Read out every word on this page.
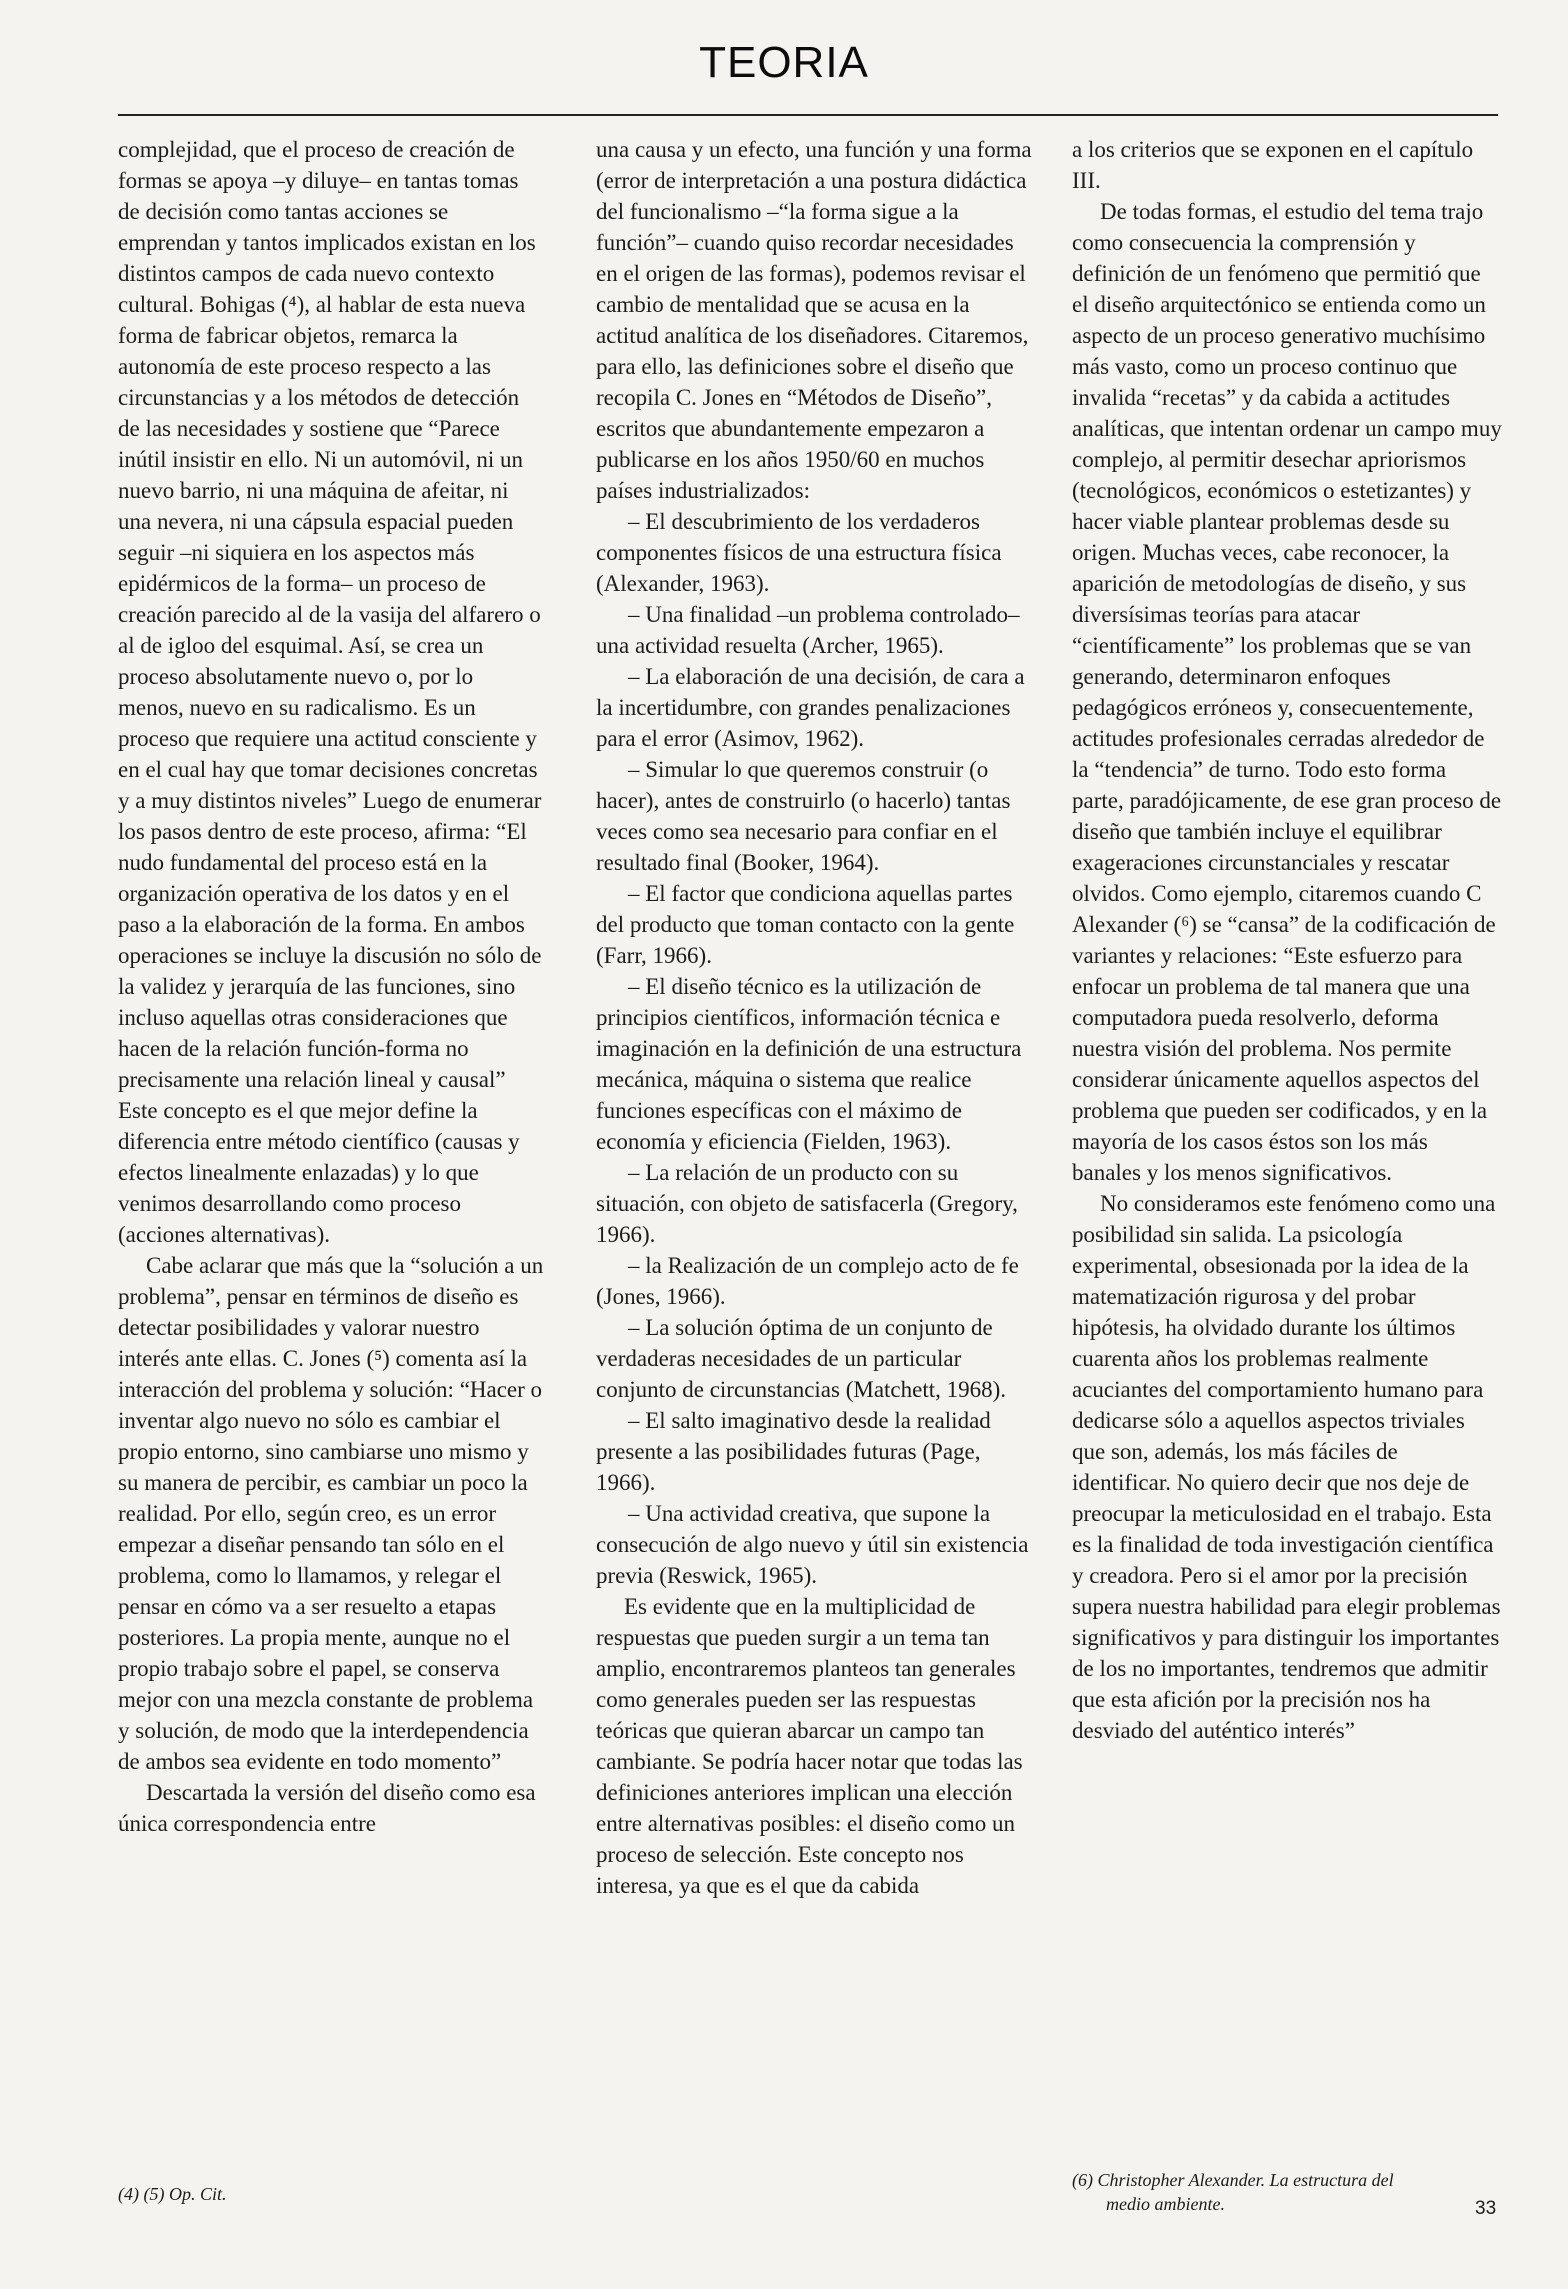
TEORIA

complejidad, que el proceso de creación de formas se apoya –y diluye– en tantas tomas de decisión como tantas acciones se emprendan y tantos implicados existan en los distintos campos de cada nuevo contexto cultural. Bohigas (⁴), al hablar de esta nueva forma de fabricar objetos, remarca la autonomía de este proceso respecto a las circunstancias y a los métodos de detección de las necesidades y sostiene que “Parece inútil insistir en ello. Ni un automóvil, ni un nuevo barrio, ni una máquina de afeitar, ni una nevera, ni una cápsula espacial pueden seguir –ni siquiera en los aspectos más epidérmicos de la forma– un proceso de creación parecido al de la vasija del alfarero o al de igloo del esquimal. Así, se crea un proceso absolutamente nuevo o, por lo menos, nuevo en su radicalismo. Es un proceso que requiere una actitud consciente y en el cual hay que tomar decisiones concretas y a muy distintos niveles” Luego de enumerar los pasos dentro de este proceso, afirma: “El nudo fundamental del proceso está en la organización operativa de los datos y en el paso a la elaboración de la forma. En ambos operaciones se incluye la discusión no sólo de la validez y jerarquía de las funciones, sino incluso aquellas otras consideraciones que hacen de la relación función-forma no precisamente una relación lineal y causal” Este concepto es el que mejor define la diferencia entre método científico (causas y efectos linealmente enlazadas) y lo que venimos desarrollando como proceso (acciones alternativas).

Cabe aclarar que más que la “solución a un problema”, pensar en términos de diseño es detectar posibilidades y valorar nuestro interés ante ellas. C. Jones (⁵) comenta así la interacción del problema y solución: “Hacer o inventar algo nuevo no sólo es cambiar el propio entorno, sino cambiarse uno mismo y su manera de percibir, es cambiar un poco la realidad. Por ello, según creo, es un error empezar a diseñar pensando tan sólo en el problema, como lo llamamos, y relegar el pensar en cómo va a ser resuelto a etapas posteriores. La propia mente, aunque no el propio trabajo sobre el papel, se conserva mejor con una mezcla constante de problema y solución, de modo que la interdependencia de ambos sea evidente en todo momento”

Descartada la versión del diseño como esa única correspondencia entre

una causa y un efecto, una función y una forma (error de interpretación a una postura didáctica del funcionalismo –“la forma sigue a la función”– cuando quiso recordar necesidades en el origen de las formas), podemos revisar el cambio de mentalidad que se acusa en la actitud analítica de los diseñadores. Citaremos, para ello, las definiciones sobre el diseño que recopila C. Jones en “Métodos de Diseño”, escritos que abundantemente empezaron a publicarse en los años 1950/60 en muchos países industrializados:

– El descubrimiento de los verdaderos componentes físicos de una estructura física (Alexander, 1963).

– Una finalidad –un problema controlado– una actividad resuelta (Archer, 1965).

– La elaboración de una decisión, de cara a la incertidumbre, con grandes penalizaciones para el error (Asimov, 1962).

– Simular lo que queremos construir (o hacer), antes de construirlo (o hacerlo) tantas veces como sea necesario para confiar en el resultado final (Booker, 1964).

– El factor que condiciona aquellas partes del producto que toman contacto con la gente (Farr, 1966).

– El diseño técnico es la utilización de principios científicos, información técnica e imaginación en la definición de una estructura mecánica, máquina o sistema que realice funciones específicas con el máximo de economía y eficiencia (Fielden, 1963).

– La relación de un producto con su situación, con objeto de satisfacerla (Gregory, 1966).

– la Realización de un complejo acto de fe (Jones, 1966).

– La solución óptima de un conjunto de verdaderas necesidades de un particular conjunto de circunstancias (Matchett, 1968).

– El salto imaginativo desde la realidad presente a las posibilidades futuras (Page, 1966).

– Una actividad creativa, que supone la consecución de algo nuevo y útil sin existencia previa (Reswick, 1965).

Es evidente que en la multiplicidad de respuestas que pueden surgir a un tema tan amplio, encontraremos planteos tan generales como generales pueden ser las respuestas teóricas que quieran abarcar un campo tan cambiante. Se podría hacer notar que todas las definiciones anteriores implican una elección entre alternativas posibles: el diseño como un proceso de selección. Este concepto nos interesa, ya que es el que da cabida

a los criterios que se exponen en el capítulo III.

De todas formas, el estudio del tema trajo como consecuencia la comprensión y definición de un fenómeno que permitió que el diseño arquitectónico se entienda como un aspecto de un proceso generativo muchísimo más vasto, como un proceso continuo que invalida “recetas” y da cabida a actitudes analíticas, que intentan ordenar un campo muy complejo, al permitir desechar apriorismos (tecnológicos, económicos o estetizantes) y hacer viable plantear problemas desde su origen. Muchas veces, cabe reconocer, la aparición de metodologías de diseño, y sus diversísimas teorías para atacar “científicamente” los problemas que se van generando, determinaron enfoques pedagógicos erróneos y, consecuentemente, actitudes profesionales cerradas alrededor de la “tendencia” de turno. Todo esto forma parte, paradójicamente, de ese gran proceso de diseño que también incluye el equilibrar exageraciones circunstanciales y rescatar olvidos. Como ejemplo, citaremos cuando C Alexander (⁶) se “cansa” de la codificación de variantes y relaciones: “Este esfuerzo para enfocar un problema de tal manera que una computadora pueda resolverlo, deforma nuestra visión del problema. Nos permite considerar únicamente aquellos aspectos del problema que pueden ser codificados, y en la mayoría de los casos éstos son los más banales y los menos significativos.

No consideramos este fenómeno como una posibilidad sin salida. La psicología experimental, obsesionada por la idea de la matematización rigurosa y del probar hipótesis, ha olvidado durante los últimos cuarenta años los problemas realmente acuciantes del comportamiento humano para dedicarse sólo a aquellos aspectos triviales que son, además, los más fáciles de identificar. No quiero decir que nos deje de preocupar la meticulosidad en el trabajo. Esta es la finalidad de toda investigación científica y creadora. Pero si el amor por la precisión supera nuestra habilidad para elegir problemas significativos y para distinguir los importantes de los no importantes, tendremos que admitir que esta afición por la precisión nos ha desviado del auténtico interés”

(4) (5) Op. Cit.
(6) Christopher Alexander. La estructura del
medio ambiente.	33
